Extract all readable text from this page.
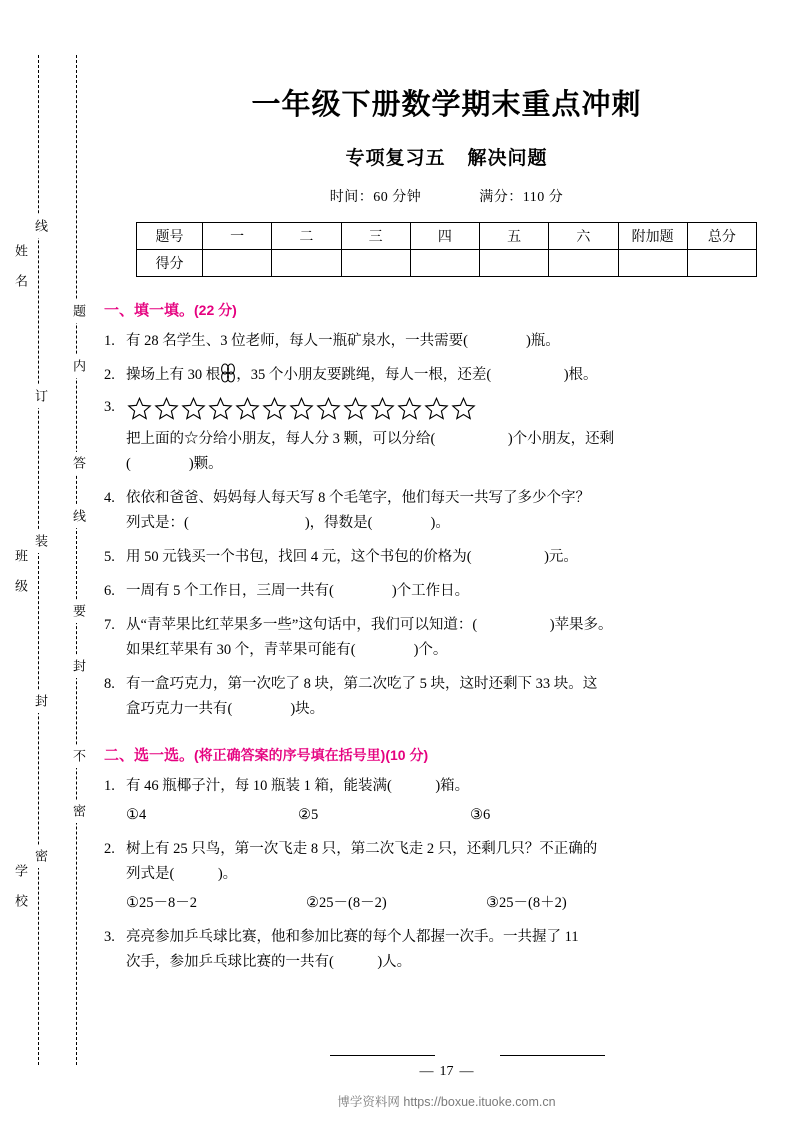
姓　名
班　级
学　校
线
装
密
题
答
要
不
订
封
内
线
封
密
一年级下册数学期末重点冲刺
专项复习五 解决问题
时间：60 分钟	满分：110 分
题号	一	二	三	四	五	六	附加题	总分
得分								
一、填一填。(22 分)
1. 有 28 名学生、3 位老师，每人一瓶矿泉水，一共需要(　　　　)瓶。
2. 操场上有 30 根 ，35 个小朋友要跳绳，每人一根，还差(　　　　　)根。
3.
把上面的☆分给小朋友，每人分 3 颗，可以分给(　　　　　)个小朋友，还剩
(　　　　)颗。
4. 依依和爸爸、妈妈每人每天写 8 个毛笔字，他们每天一共写了多少个字？
列式是：(　　　　　　　　)，得数是(　　　　)。
5. 用 50 元钱买一个书包，找回 4 元，这个书包的价格为(　　　　　)元。
6. 一周有 5 个工作日，三周一共有(　　　　)个工作日。
7. 从“青苹果比红苹果多一些”这句话中，我们可以知道：(　　　　　)苹果多。
如果红苹果有 30 个，青苹果可能有(　　　　)个。
8. 有一盒巧克力，第一次吃了 8 块，第二次吃了 5 块，这时还剩下 33 块。这
盒巧克力一共有(　　　　)块。
二、选一选。(将正确答案的序号填在括号里)(10 分)
1. 有 46 瓶椰子汁，每 10 瓶装 1 箱，能装满(　　　)箱。
①4	②5	③6
2. 树上有 25 只鸟，第一次飞走 8 只，第二次飞走 2 只，还剩几只？不正确的
列式是(　　　)。
①25－8－2	②25－(8－2)	③25－(8＋2)
3. 亮亮参加乒乓球比赛，他和参加比赛的每个人都握一次手。一共握了 11
次手，参加乒乓球比赛的一共有(　　　)人。
— 17 —
博学资料网 https://boxue.ituoke.com.cn
